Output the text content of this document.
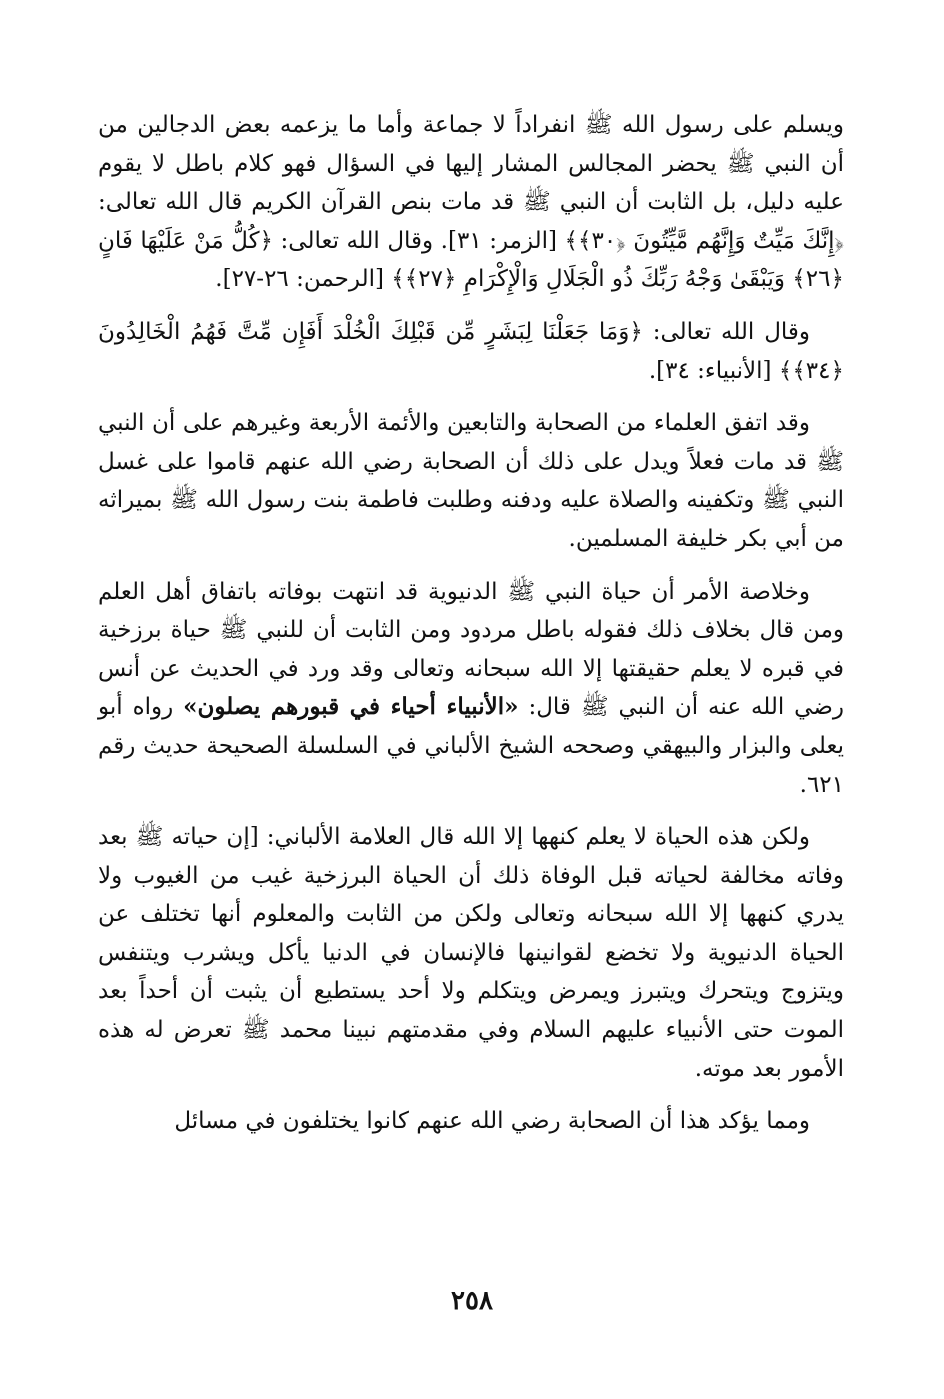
ويسلم على رسول الله ﷺ انفراداً لا جماعة وأما ما يزعمه بعض الدجالين من أن النبي ﷺ يحضر المجالس المشار إليها في السؤال فهو كلام باطل لا يقوم عليه دليل، بل الثابت أن النبي ﷺ قد مات بنص القرآن الكريم قال الله تعالى: ﴿إِنَّكَ مَيِّتٌ وَإِنَّهُم مَّيِّتُونَ ﴿٣٠﴾﴾ [الزمر: ٣١]. وقال الله تعالى: ﴿كُلُّ مَنْ عَلَيْهَا فَانٍ ﴿٢٦﴾ وَيَبْقَىٰ وَجْهُ رَبِّكَ ذُو الْجَلَالِ وَالْإِكْرَامِ ﴿٢٧﴾﴾ [الرحمن: ٢٦-٢٧].

وقال الله تعالى: ﴿وَمَا جَعَلْنَا لِبَشَرٍ مِّن قَبْلِكَ الْخُلْدَ أَفَإِن مِّتَّ فَهُمُ الْخَالِدُونَ ﴿٣٤﴾﴾ [الأنبياء: ٣٤].

وقد اتفق العلماء من الصحابة والتابعين والأئمة الأربعة وغيرهم على أن النبي ﷺ قد مات فعلاً ويدل على ذلك أن الصحابة رضي الله عنهم قاموا على غسل النبي ﷺ وتكفينه والصلاة عليه ودفنه وطلبت فاطمة بنت رسول الله ﷺ بميراثه من أبي بكر خليفة المسلمين.

وخلاصة الأمر أن حياة النبي ﷺ الدنيوية قد انتهت بوفاته باتفاق أهل العلم ومن قال بخلاف ذلك فقوله باطل مردود ومن الثابت أن للنبي ﷺ حياة برزخية في قبره لا يعلم حقيقتها إلا الله سبحانه وتعالى وقد ورد في الحديث عن أنس رضي الله عنه أن النبي ﷺ قال: «الأنبياء أحياء في قبورهم يصلون» رواه أبو يعلى والبزار والبيهقي وصححه الشيخ الألباني في السلسلة الصحيحة حديث رقم ٦٢١.

ولكن هذه الحياة لا يعلم كنهها إلا الله قال العلامة الألباني: [إن حياته ﷺ بعد وفاته مخالفة لحياته قبل الوفاة ذلك أن الحياة البرزخية غيب من الغيوب ولا يدري كنهها إلا الله سبحانه وتعالى ولكن من الثابت والمعلوم أنها تختلف عن الحياة الدنيوية ولا تخضع لقوانينها فالإنسان في الدنيا يأكل ويشرب ويتنفس ويتزوج ويتحرك ويتبرز ويمرض ويتكلم ولا أحد يستطيع أن يثبت أن أحداً بعد الموت حتى الأنبياء عليهم السلام وفي مقدمتهم نبينا محمد ﷺ تعرض له هذه الأمور بعد موته.

ومما يؤكد هذا أن الصحابة رضي الله عنهم كانوا يختلفون في مسائل

٢٥٨
